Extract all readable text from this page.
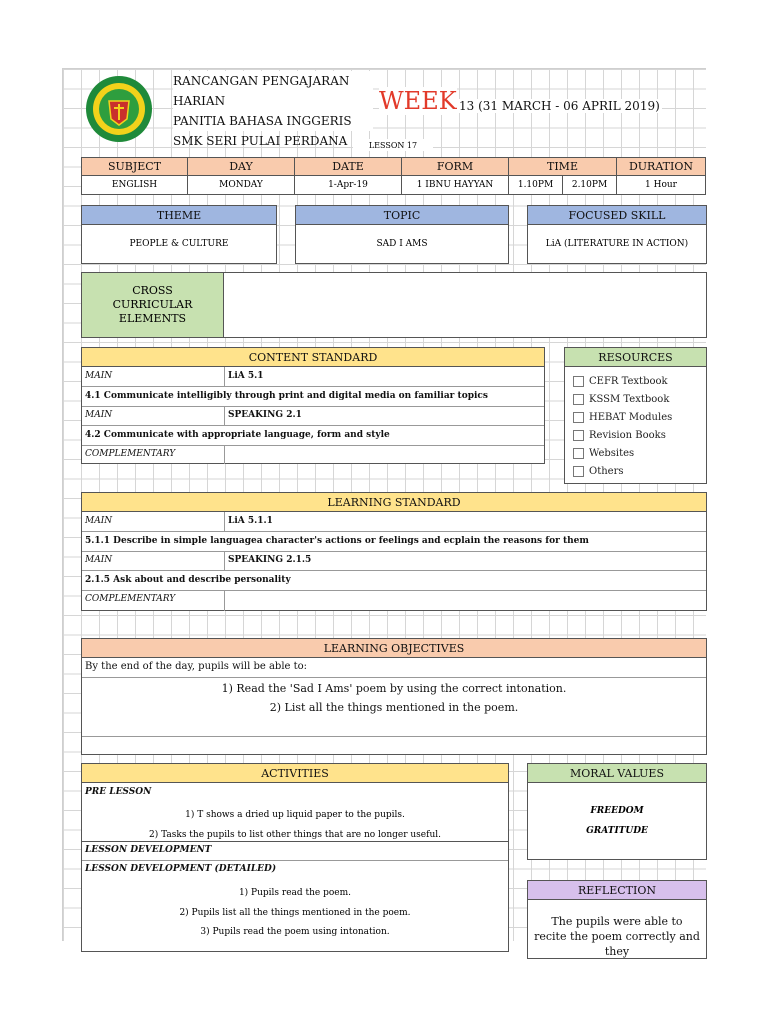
RANCANGAN PENGAJARAN HARIAN
PANITIA BAHASA INGGERIS
SMK SERI PULAI PERDANA
WEEK 13 (31 MARCH - 06 APRIL 2019)
LESSON 17
SUBJECT	DAY	DATE	FORM	TIME	DURATION
ENGLISH	MONDAY	1-Apr-19	1 IBNU HAYYAN	1.10PM	2.10PM	1 Hour
THEME
PEOPLE & CULTURE
TOPIC
SAD I AMS
FOCUSED SKILL
LiA (LITERATURE IN ACTION)
CROSS CURRICULAR ELEMENTS
CONTENT STANDARD
MAIN	LiA 5.1
4.1 Communicate intelligibly through print and digital media on familiar topics
MAIN	SPEAKING 2.1
4.2 Communicate with appropriate language, form and style
COMPLEMENTARY
RESOURCES
CEFR Textbook
KSSM Textbook
HEBAT Modules
Revision Books
Websites
Others
LEARNING STANDARD
MAIN	LiA 5.1.1
5.1.1 Describe in simple languagea character's actions or feelings and ecplain the reasons for them
MAIN	SPEAKING 2.1.5
2.1.5 Ask about and describe personality
COMPLEMENTARY
LEARNING OBJECTIVES
By the end of the day, pupils will be able to:
1) Read the 'Sad I Ams' poem by using the correct intonation.
2) List all the things mentioned in the poem.
ACTIVITIES
PRE LESSON
1) T shows a dried up liquid paper to the pupils.
2) Tasks the pupils to list other things that are no longer useful.
LESSON DEVELOPMENT
LESSON DEVELOPMENT (DETAILED)
1) Pupils read the poem.
2) Pupils list all the things mentioned in the poem.
3) Pupils read the poem using intonation.
MORAL VALUES
FREEDOM
GRATITUDE
REFLECTION
The pupils were able to recite the poem correctly and they
